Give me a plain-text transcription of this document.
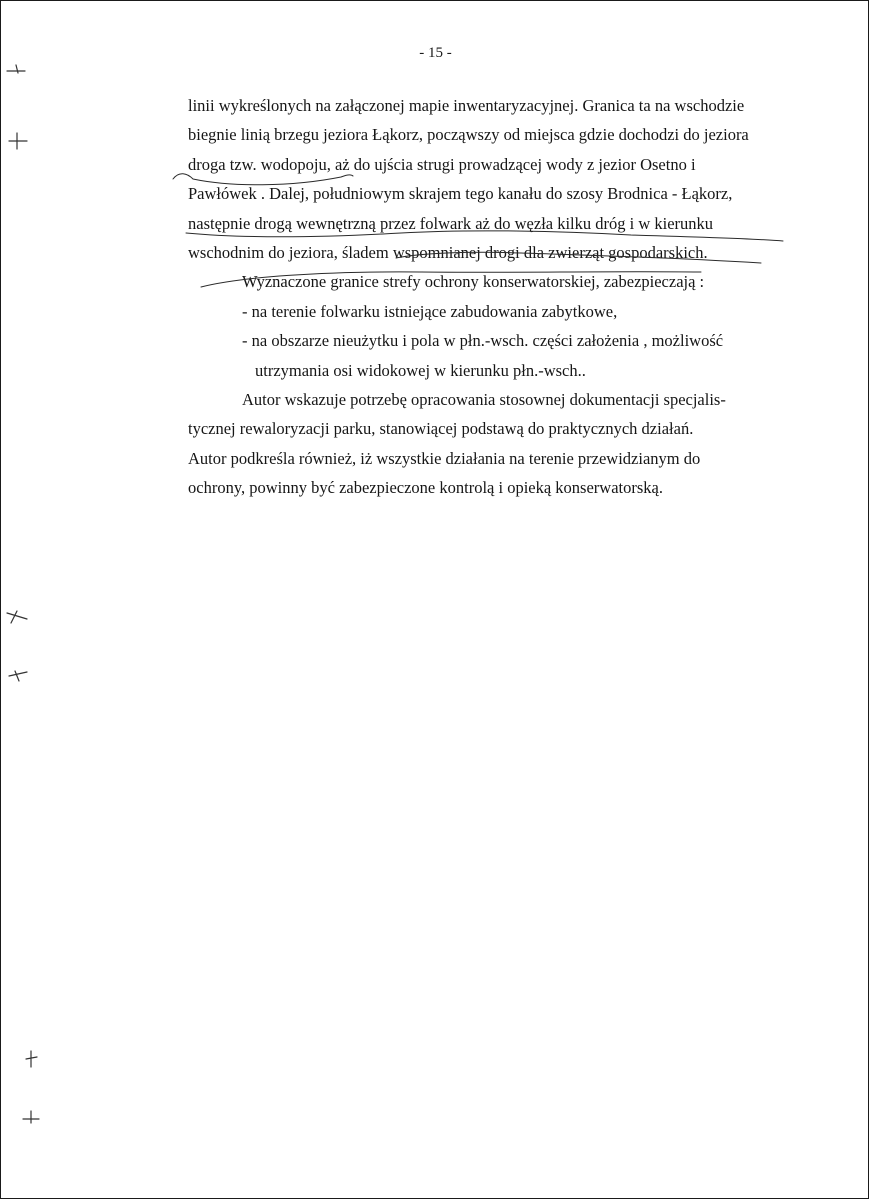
- 15 -
linii wykreślonych na załączonej mapie inwentaryzacyjnej. Granica ta na wschodzie
biegnie linią brzegu jeziora Łąkorz, począwszy od miejsca gdzie dochodzi do jeziora
droga tzw. wodopoju, aż do ujścia strugi prowadzącej wody z jezior Osetno i
Pawłówek . Dalej, południowym skrajem tego kanału do szosy Brodnica - Łąkorz,
następnie drogą wewnętrzną przez folwark aż do węzła kilku dróg i w kierunku
wschodnim do jeziora, śladem wspomnianej drogi dla zwierząt gospodarskich.
Wyznaczone granice strefy ochrony konserwatorskiej, zabezpieczają :
- na terenie folwarku istniejące zabudowania zabytkowe,
- na obszarze nieużytku i pola w płn.-wsch. części założenia , możliwość
utrzymania osi widokowej w kierunku płn.-wsch..
Autor wskazuje potrzebę opracowania stosownej dokumentacji specjalis-
tycznej rewaloryzacji parku, stanowiącej podstawą do praktycznych działań.
Autor podkreśla również, iż wszystkie działania na terenie przewidzianym do
ochrony, powinny być zabezpieczone kontrolą i opieką konserwatorską.
